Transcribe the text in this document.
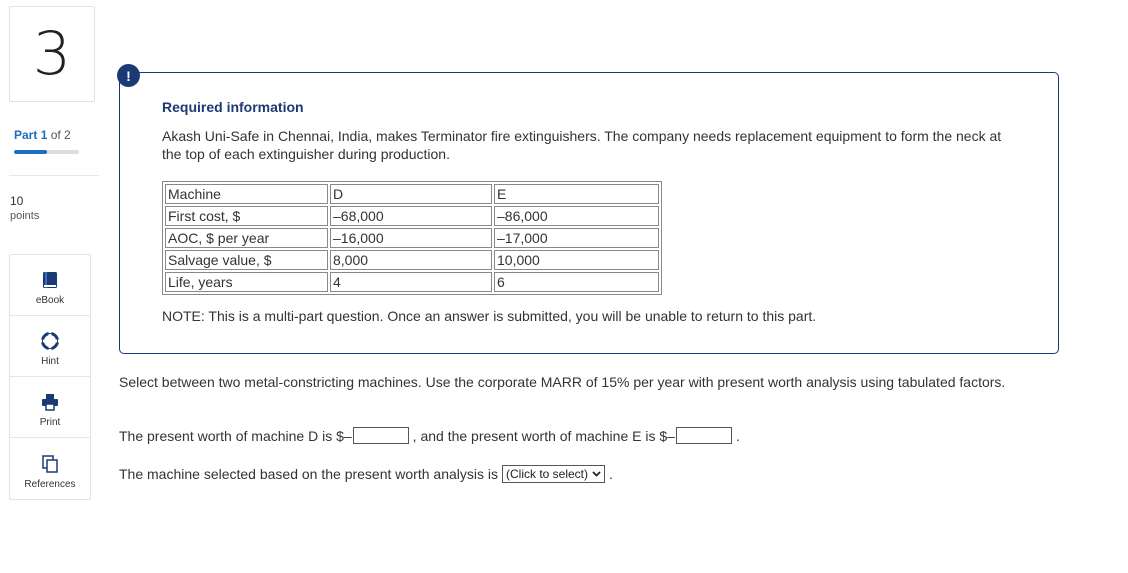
3
Part 1 of 2
10
points
eBook
Hint
Print
References
Required information
Akash Uni-Safe in Chennai, India, makes Terminator fire extinguishers. The company needs replacement equipment to form the neck at the top of each extinguisher during production.
Machine	D	E
First cost, $	–68,000	–86,000
AOC, $ per year	–16,000	–17,000
Salvage value, $	8,000	10,000
Life, years	4	6
NOTE: This is a multi-part question. Once an answer is submitted, you will be unable to return to this part.
!
Select between two metal-constricting machines. Use the corporate MARR of 15% per year with present worth analysis using tabulated factors.
The present worth of machine D is $–	, and the present worth of machine E is $–	.
The machine selected based on the present worth analysis is (Click to select) .
